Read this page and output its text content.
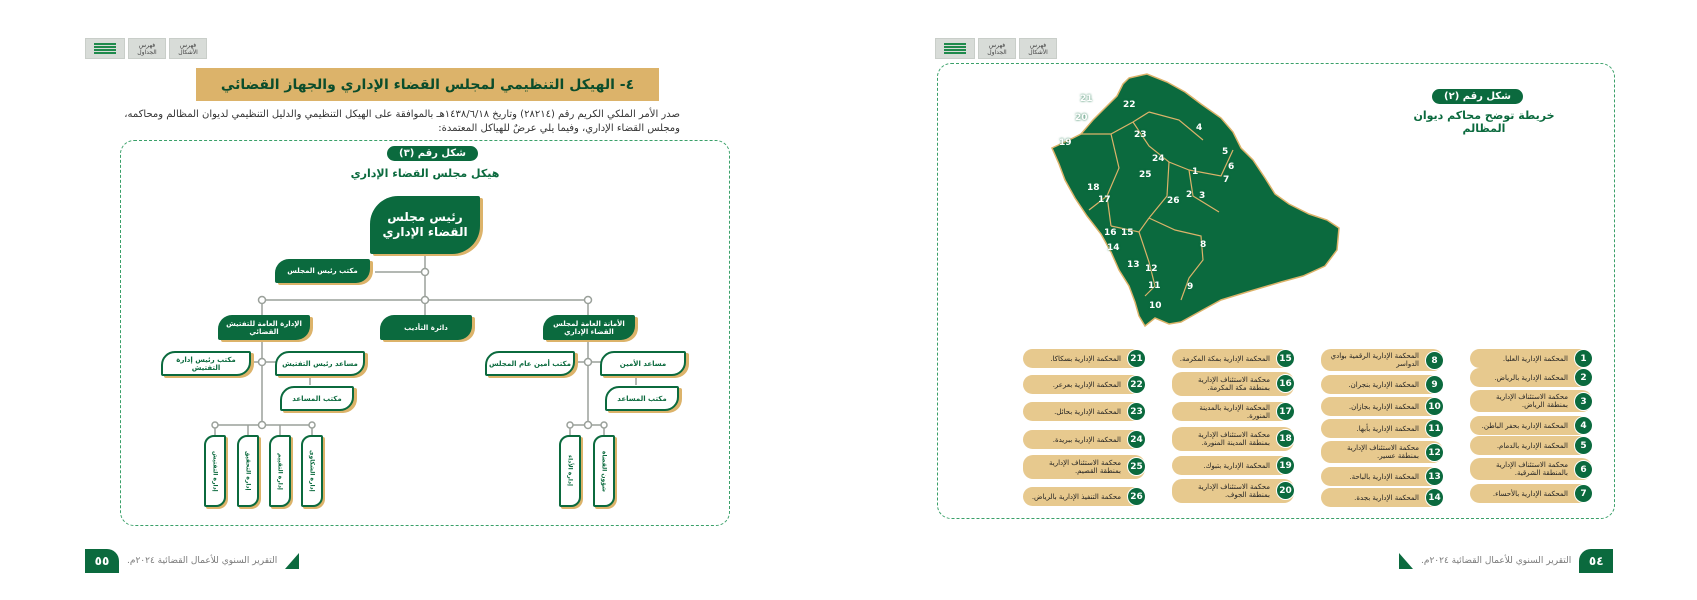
فهرس الجداول
فهرس الأشكال
٤- الهيكل التنظيمي لمجلس القضاء الإداري والجهاز القضائي
صدر الأمر الملكي الكريم رقم (٢٨٢١٤) وتاريخ ١٤٣٨/٦/١٨هـ بالموافقة على الهيكل التنظيمي والدليل التنظيمي لديوان المظالم ومحاكمه، ومجلس القضاء الإداري، وفيما يلي عرضٌ للهياكل المعتمدة:
شكل رقم (٣)
هيكل مجلس القضاء الإداري
رئيس مجلس القضاء الإداري
مكتب رئيس المجلس
الإدارة العامة للتفتيش القضائي	دائرة التأديب	الأمانة العامة لمجلس القضاء الإداري
مكتب أمين عام المجلس	مساعد الأمين
مكتب المساعد
مكتب رئيس إدارة التفتيش	مساعد رئيس التفتيش
مكتب المساعد
إدارة الأداء	شؤون القضاة
إدارة التفتيش	إدارة التحقيق	إدارة التقييم	إدارة الشكاوى
٥٥	التقرير السنوي للأعمال القضائية ٢٠٢٤م.
فهرس الجداول
فهرس الأشكال
شكل رقم (٢)
خريطة توضح محاكم ديوان المظالم
1
2 3
4
5
6
7
8
9
10
11
12
13
14
15
16
17
18
19
20
21
22
23
24
25
26
1
المحكمة الإدارية العليا.
2
المحكمة الإدارية بالرياض.
3
محكمة الاستئناف الإدارية بمنطقة الرياض.
4
المحكمة الإدارية بحفر الباطن.
5
المحكمة الإدارية بالدمام.
6
محكمة الاستئناف الإدارية بالمنطقة الشرقية.
7
المحكمة الإدارية بالأحساء.
8
المحكمة الإدارية الرقمية بوادي الدواسر
9
المحكمة الإدارية بنجران.
10
المحكمة الإدارية بجازان.
11
المحكمة الإدارية بأبها.
12
محكمة الاستئناف الإدارية بمنطقة عسير.
13
المحكمة الإدارية بالباحة.
14
المحكمة الإدارية بجدة.
15
المحكمة الإدارية بمكة المكرمة.
16
محكمة الاستئناف الإدارية بمنطقة مكة المكرمة.
17
المحكمة الإدارية بالمدينة المنورة.
18
محكمة الاستئناف الإدارية بمنطقة المدينة المنورة.
19
المحكمة الإدارية بتبوك.
20
محكمة الاستئناف الإدارية بمنطقة الجوف.
21
المحكمة الإدارية بسكاكا.
22
المحكمة الإدارية بعرعر.
23
المحكمة الإدارية بحائل.
24
المحكمة الإدارية ببريدة.
25
محكمة الاستئناف الإدارية بمنطقة القصيم.
26
محكمة التنفيذ الإدارية بالرياض.
التقرير السنوي للأعمال القضائية ٢٠٢٤م.	٥٤
